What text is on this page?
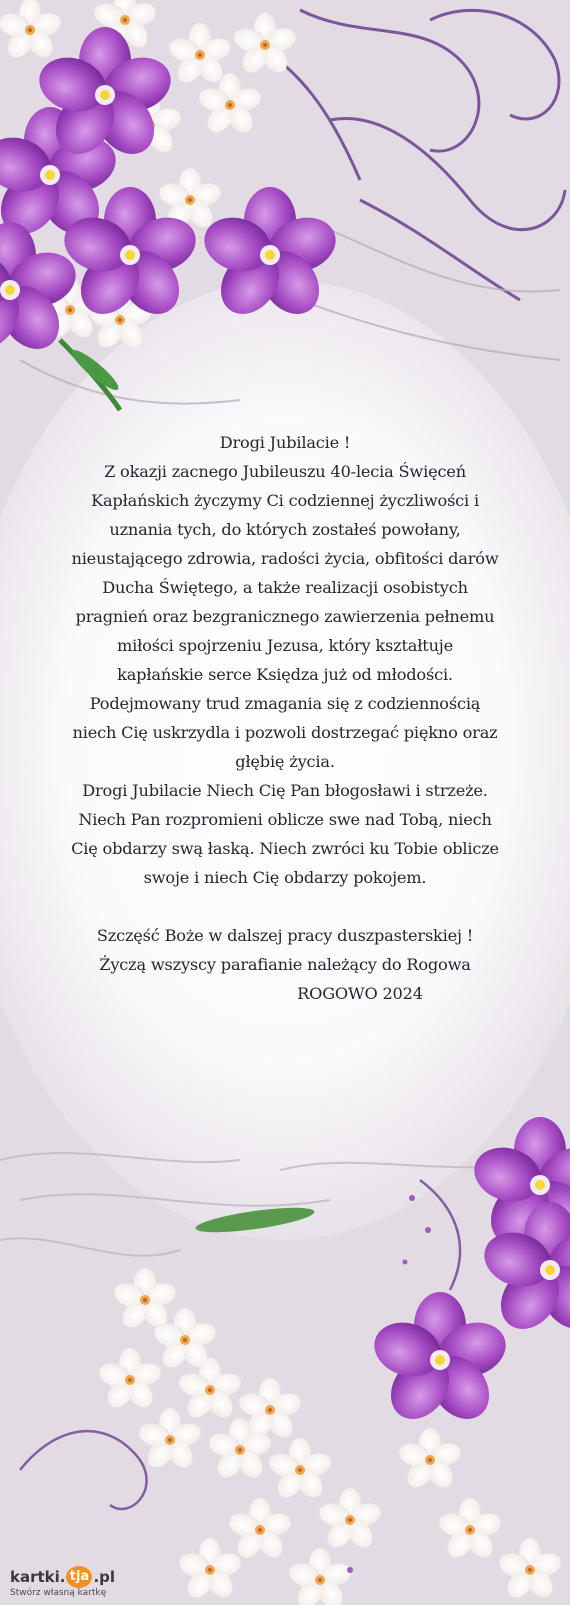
Drogi Jubilacie !

Z okazji zacnego Jubileuszu 40-lecia Święceń

Kapłańskich życzymy Ci codziennej życzliwości i

uznania tych, do których zostałeś powołany,

nieustającego zdrowia, radości życia, obfitości darów

Ducha Świętego, a także realizacji osobistych

pragnień oraz bezgranicznego zawierzenia pełnemu

miłości spojrzeniu Jezusa, który kształtuje

kapłańskie serce Księdza już od młodości.

Podejmowany trud zmagania się z codziennością

niech Cię uskrzydla i pozwoli dostrzegać piękno oraz

głębię życia.

Drogi Jubilacie Niech Cię Pan błogosławi i strzeże.

Niech Pan rozpromieni oblicze swe nad Tobą, niech

Cię obdarzy swą łaską. Niech zwróci ku Tobie oblicze

swoje i niech Cię obdarzy pokojem.

Szczęść Boże w dalszej pracy duszpasterskiej !

Życzą wszyscy parafianie należący do Rogowa

ROGOWO 2024

kartki. tja .pl
Stwórz własną kartkę
